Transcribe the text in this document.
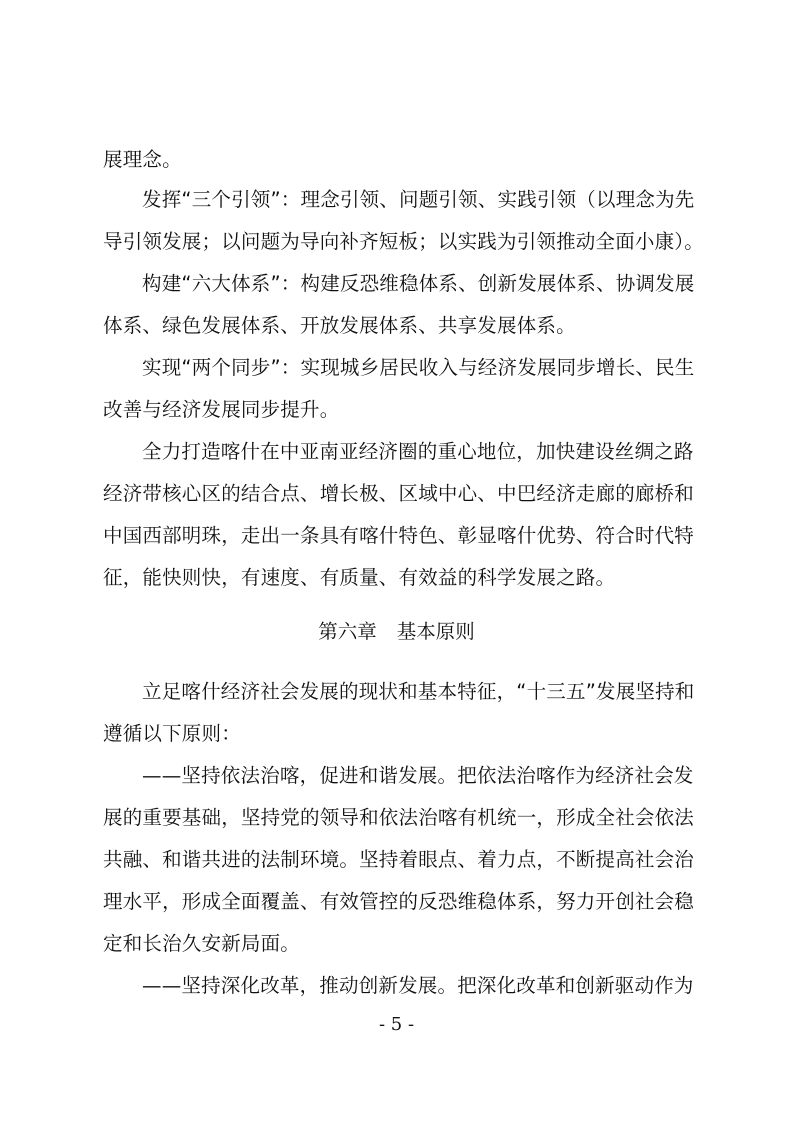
展理念。
发挥“三个引领”：理念引领、问题引领、实践引领（以理念为先
导引领发展；以问题为导向补齐短板；以实践为引领推动全面小康）。
构建“六大体系”：构建反恐维稳体系、创新发展体系、协调发展
体系、绿色发展体系、开放发展体系、共享发展体系。
实现“两个同步”：实现城乡居民收入与经济发展同步增长、民生
改善与经济发展同步提升。
全力打造喀什在中亚南亚经济圈的重心地位，加快建设丝绸之路
经济带核心区的结合点、增长极、区域中心、中巴经济走廊的廊桥和
中国西部明珠，走出一条具有喀什特色、彰显喀什优势、符合时代特
征，能快则快，有速度、有质量、有效益的科学发展之路。
第六章 基本原则
立足喀什经济社会发展的现状和基本特征，“十三五”发展坚持和
遵循以下原则：
——坚持依法治喀，促进和谐发展。把依法治喀作为经济社会发
展的重要基础，坚持党的领导和依法治喀有机统一，形成全社会依法
共融、和谐共进的法制环境。坚持着眼点、着力点，不断提高社会治
理水平，形成全面覆盖、有效管控的反恐维稳体系，努力开创社会稳
定和长治久安新局面。
——坚持深化改革，推动创新发展。把深化改革和创新驱动作为
- 5 -
